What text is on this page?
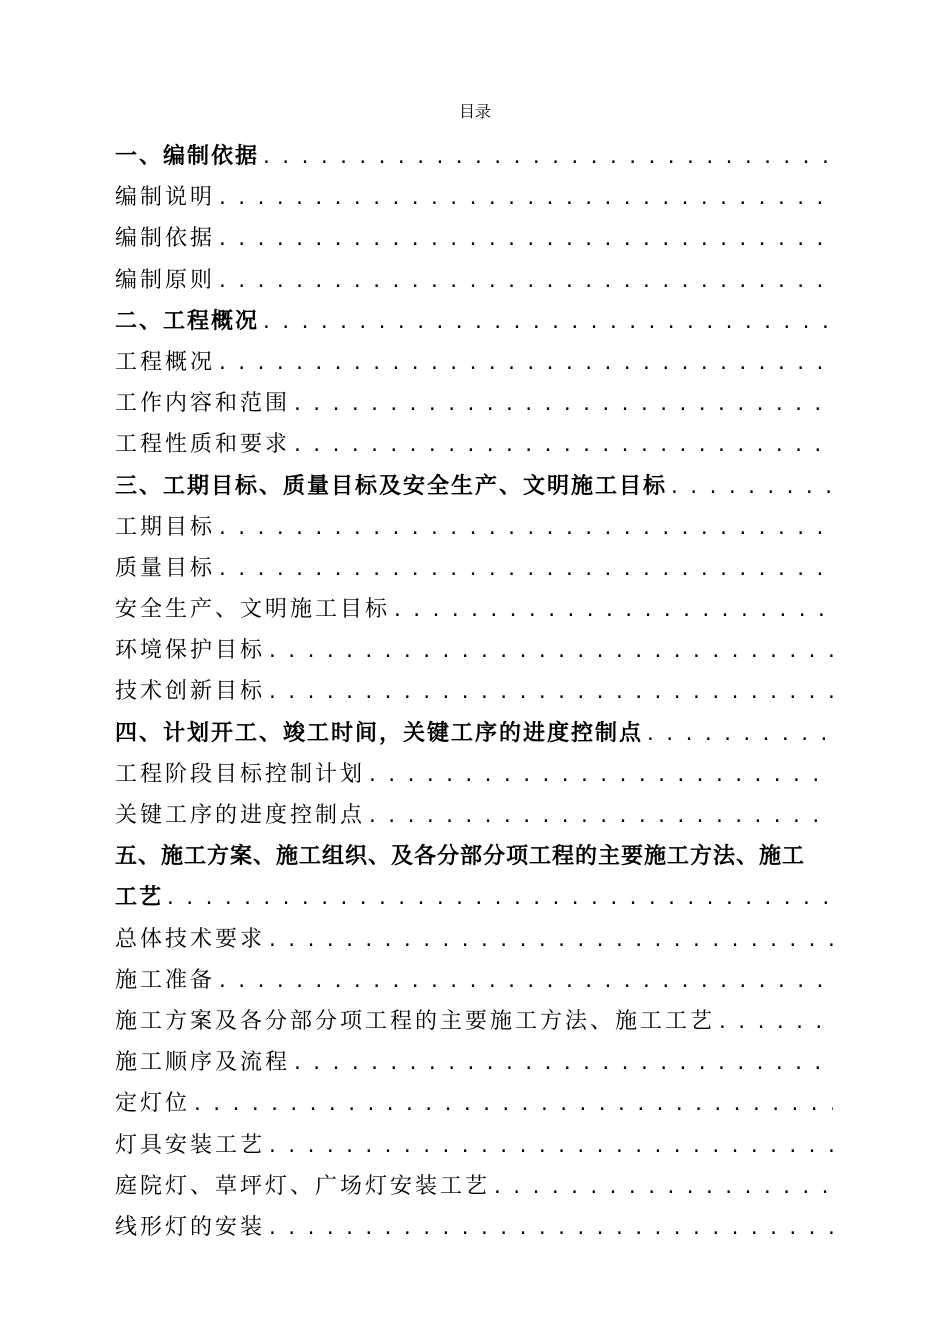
目录
一、编制依据
. . .
编制说明
. . .
编制依据
. . .
编制原则
. . .
二、工程概况
. . .
工程概况
. . .
工作内容和范围
. . .
工程性质和要求
. . .
三、工期目标、质量目标及安全生产、文明施工目标
. . .
工期目标
. . .
质量目标
. . .
安全生产、文明施工目标
. . .
环境保护目标
. . .
技术创新目标
. . .
四、计划开工、竣工时间，关键工序的进度控制点
. . .
工程阶段目标控制计划
. . .
关键工序的进度控制点
. . .
五、施工方案、施工组织、及各分部分项工程的主要施工方法、施工
工艺
. . .
总体技术要求
. . .
施工准备
. . .
施工方案及各分部分项工程的主要施工方法、施工工艺
. . .
施工顺序及流程
. . .
定灯位
. . .
灯具安装工艺
. . .
庭院灯、草坪灯、广场灯安装工艺
. . .
线形灯的安装
. . .
